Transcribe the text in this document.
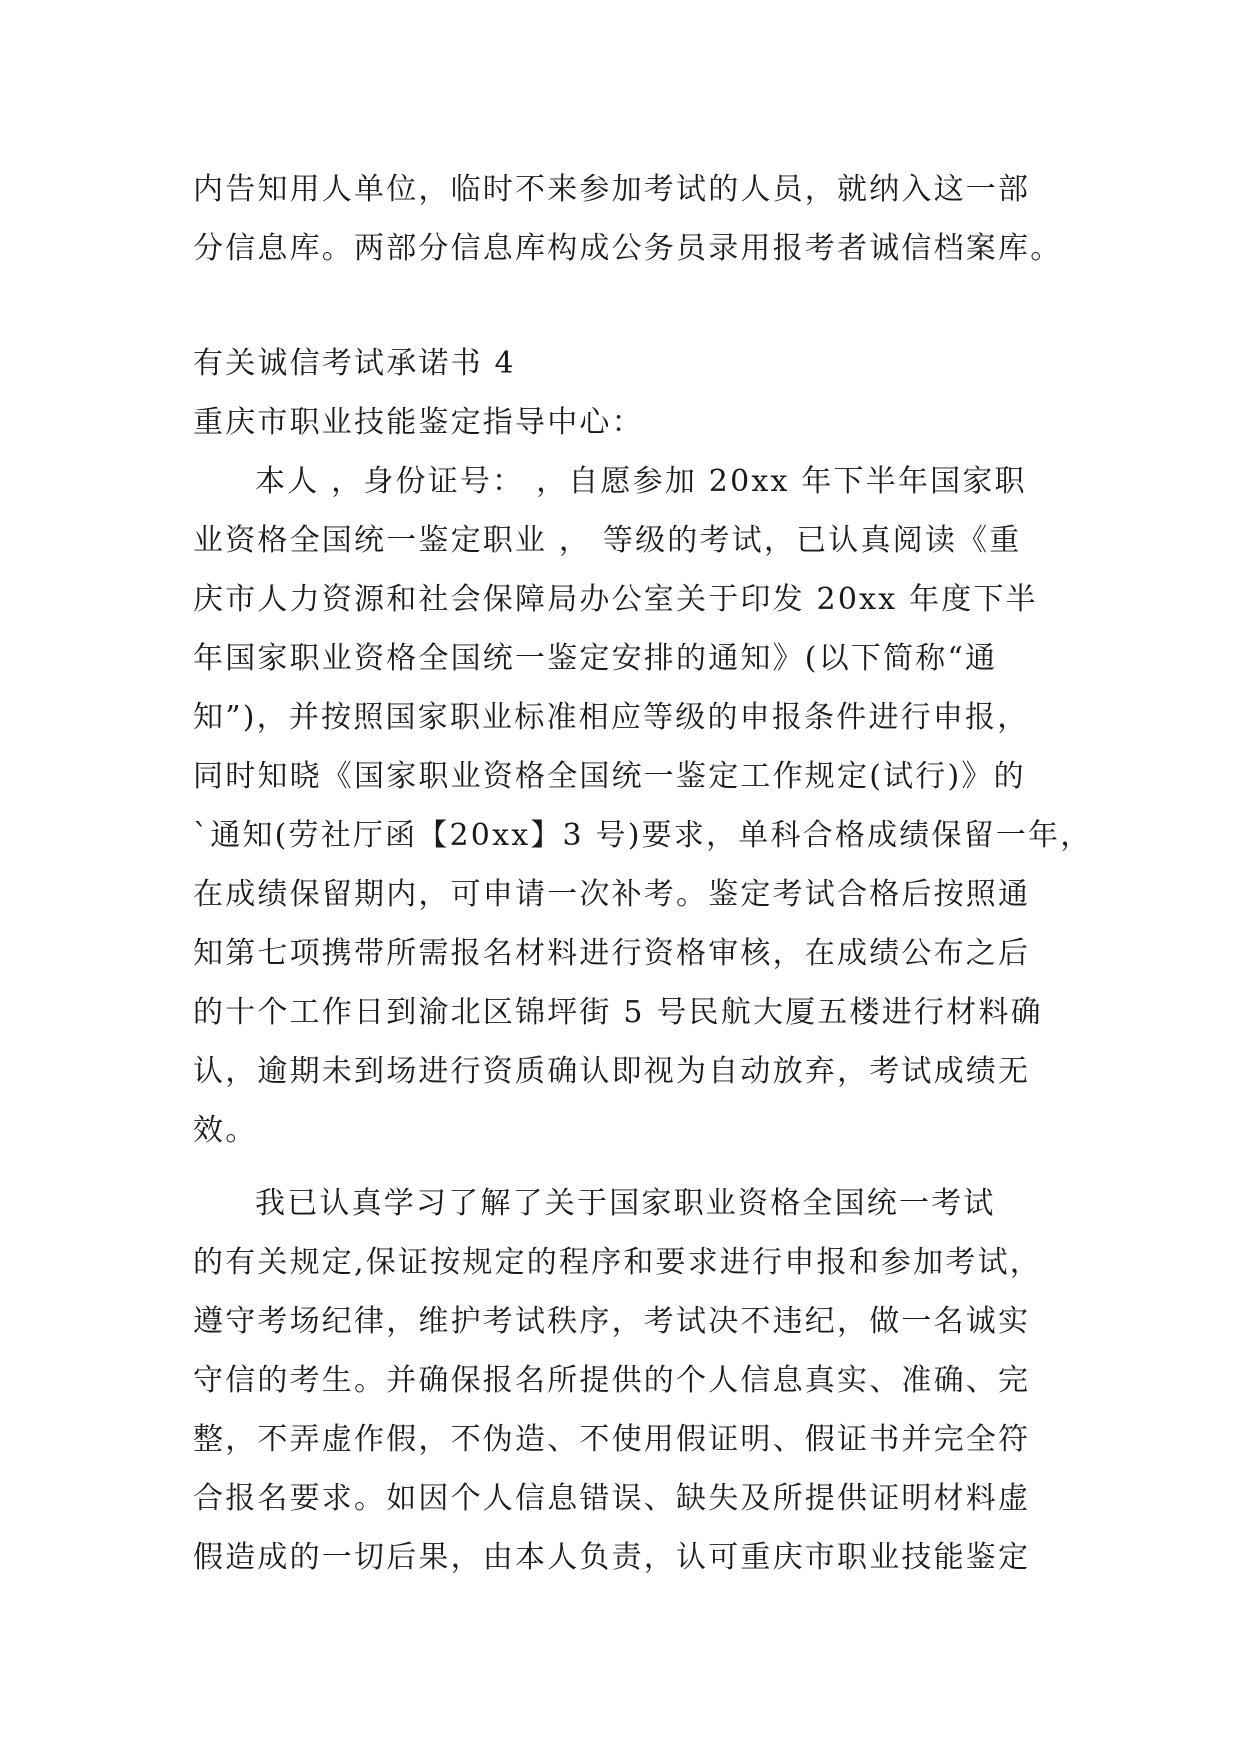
内告知用人单位，临时不来参加考试的人员，就纳入这一部
分信息库。两部分信息库构成公务员录用报考者诚信档案库。
有关诚信考试承诺书 4
重庆市职业技能鉴定指导中心：
本人 ，身份证号： ，自愿参加 20xx 年下半年国家职
业资格全国统一鉴定职业 ， 等级的考试，已认真阅读《重
庆市人力资源和社会保障局办公室关于印发 20xx 年度下半
年国家职业资格全国统一鉴定安排的通知》(以下简称“通
知”)，并按照国家职业标准相应等级的申报条件进行申报，
同时知晓《国家职业资格全国统一鉴定工作规定(试行)》的
`通知(劳社厅函【20xx】3 号)要求，单科合格成绩保留一年，
在成绩保留期内，可申请一次补考。鉴定考试合格后按照通
知第七项携带所需报名材料进行资格审核，在成绩公布之后
的十个工作日到渝北区锦坪街 5 号民航大厦五楼进行材料确
认，逾期未到场进行资质确认即视为自动放弃，考试成绩无
效。
我已认真学习了解了关于国家职业资格全国统一考试
的有关规定,保证按规定的程序和要求进行申报和参加考试，
遵守考场纪律，维护考试秩序，考试决不违纪，做一名诚实
守信的考生。并确保报名所提供的个人信息真实、准确、完
整，不弄虚作假，不伪造、不使用假证明、假证书并完全符
合报名要求。如因个人信息错误、缺失及所提供证明材料虚
假造成的一切后果，由本人负责，认可重庆市职业技能鉴定
